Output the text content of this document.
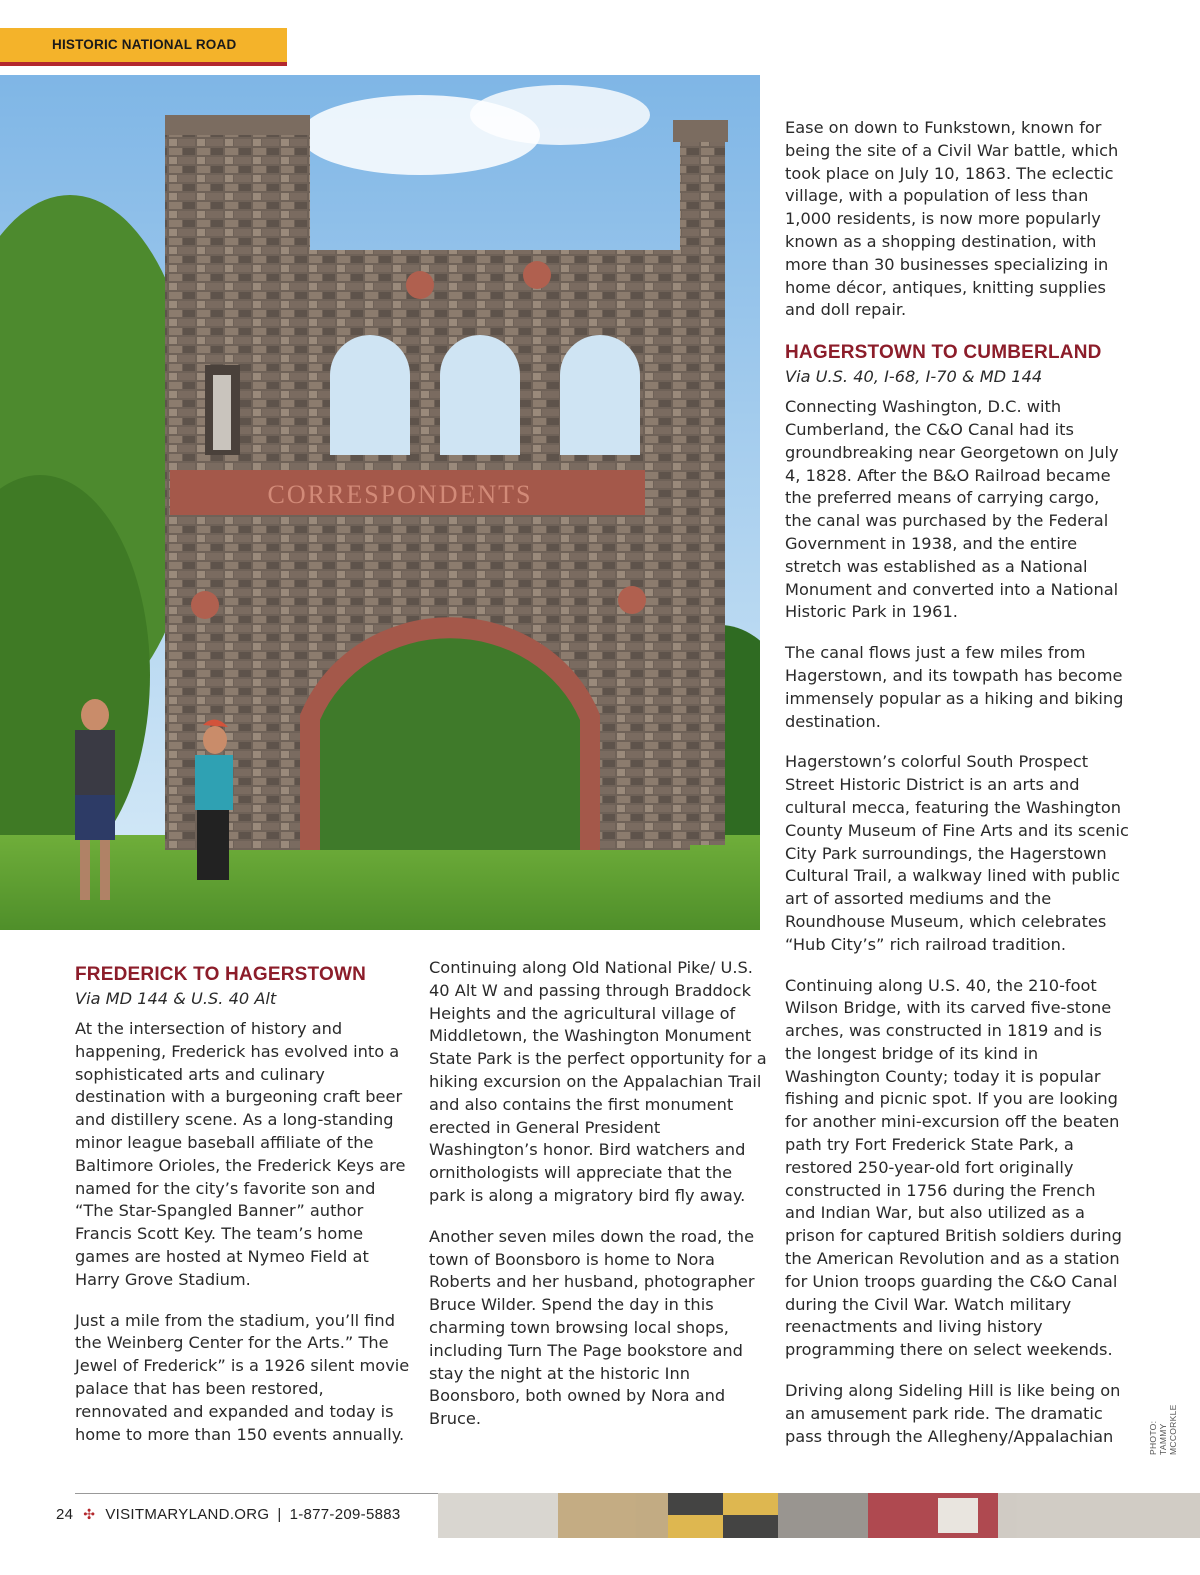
HISTORIC NATIONAL ROAD
CORRESPONDENTS
FREDERICK TO HAGERSTOWN
Via MD 144 & U.S. 40 Alt

At the intersection of history and happening, Frederick has evolved into a sophisticated arts and culinary destination with a burgeoning craft beer and distillery scene. As a long-standing minor league baseball affiliate of the Baltimore Orioles, the Frederick Keys are named for the city’s favorite son and “The Star-Spangled Banner” author Francis Scott Key. The team’s home games are hosted at Nymeo Field at Harry Grove Stadium.

Just a mile from the stadium, you’ll find the Weinberg Center for the Arts.” The Jewel of Frederick” is a 1926 silent movie palace that has been restored, rennovated and expanded and today is home to more than 150 events annually.

Continuing along Old National Pike/ U.S. 40 Alt W and passing through Braddock Heights and the agricultural village of Middletown, the Washington Monument State Park is the perfect opportunity for a hiking excursion on the Appalachian Trail and also contains the first monument erected in General President Washington’s honor. Bird watchers and ornithologists will appreciate that the park is along a migratory bird fly away.

Another seven miles down the road, the town of Boonsboro is home to Nora Roberts and her husband, photographer Bruce Wilder. Spend the day in this charming town browsing local shops, including Turn The Page bookstore and stay the night at the historic Inn Boonsboro, both owned by Nora and Bruce.

Ease on down to Funkstown, known for being the site of a Civil War battle, which took place on July 10, 1863. The eclectic village, with a population of less than 1,000 residents, is now more popularly known as a shopping destination, with more than 30 businesses specializing in home décor, antiques, knitting supplies and doll repair.

HAGERSTOWN TO CUMBERLAND
Via U.S. 40, I-68, I-70 & MD 144

Connecting Washington, D.C. with Cumberland, the C&O Canal had its groundbreaking near Georgetown on July 4, 1828. After the B&O Railroad became the preferred means of carrying cargo, the canal was purchased by the Federal Government in 1938, and the entire stretch was established as a National Monument and converted into a National Historic Park in 1961.

The canal flows just a few miles from Hagerstown, and its towpath has become immensely popular as a hiking and biking destination.

Hagerstown’s colorful South Prospect Street Historic District is an arts and cultural mecca, featuring the Washington County Museum of Fine Arts and its scenic City Park surroundings, the Hagerstown Cultural Trail, a walkway lined with public art of assorted mediums and the Roundhouse Museum, which celebrates “Hub City’s” rich railroad tradition.

Continuing along U.S. 40, the 210-foot Wilson Bridge, with its carved five-stone arches, was constructed in 1819 and is the longest bridge of its kind in Washington County; today it is popular fishing and picnic spot. If you are looking for another mini-excursion off the beaten path try Fort Frederick State Park, a restored 250-year-old fort originally constructed in 1756 during the French and Indian War, but also utilized as a prison for captured British soldiers during the American Revolution and as a station for Union troops guarding the C&O Canal during the Civil War. Watch military reenactments and living history programming there on select weekends.

Driving along Sideling Hill is like being on an amusement park ride. The dramatic pass through the Allegheny/Appalachian	PHOTO: TAMMY MCCORKLE
24 ✣ VISITMARYLAND.ORG | 1-877-209-5883
